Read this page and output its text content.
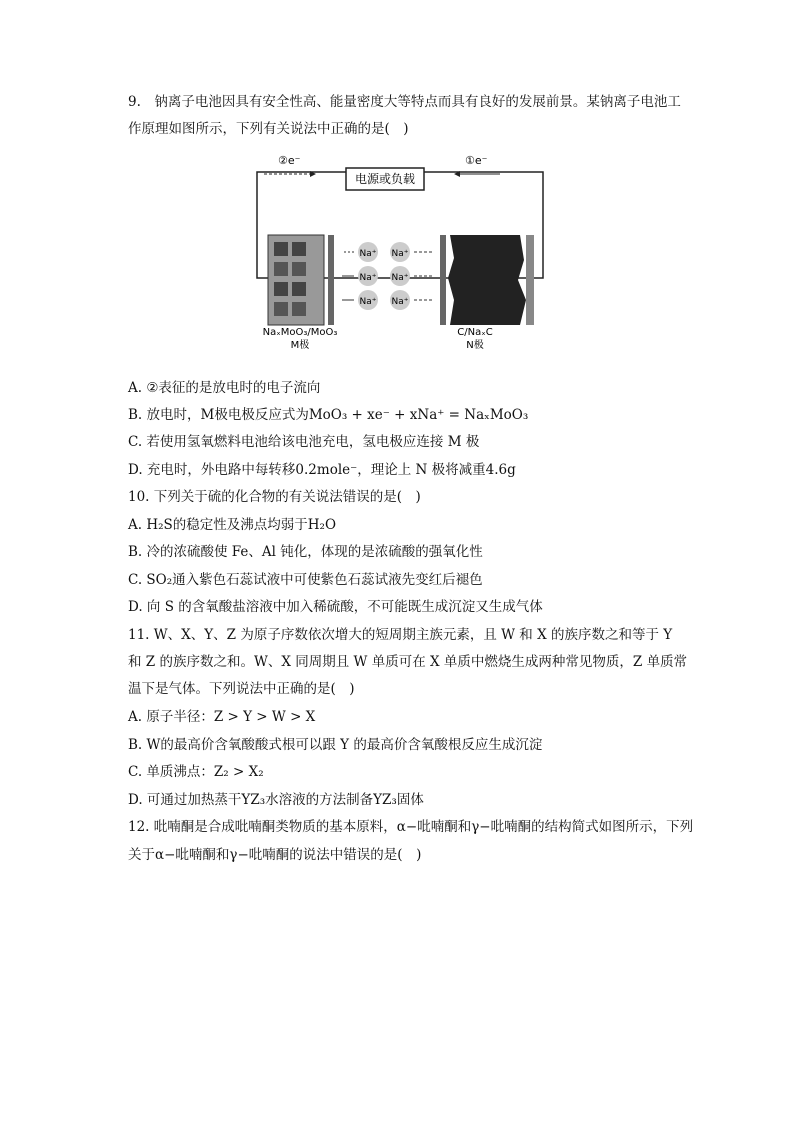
9.　钠离子电池因具有安全性高、能量密度大等特点而具有良好的发展前景。某钠离子电池工
作原理如图所示，下列有关说法中正确的是(　)
电源或负载
②e⁻	①e⁻
Na⁺ Na⁺
Na⁺ Na⁺
Na⁺ Na⁺
NaₓMoO₃/MoO₃
M极
C/NaₓC
N极
A. ②表征的是放电时的电子流向
B. 放电时，M极电极反应式为MoO₃ + xe⁻ + xNa⁺ = NaₓMoO₃
C. 若使用氢氧燃料电池给该电池充电，氢电极应连接 M 极
D. 充电时，外电路中每转移0.2mole⁻，理论上 N 极将减重4.6g
10. 下列关于硫的化合物的有关说法错误的是(　)
A. H₂S的稳定性及沸点均弱于H₂O
B. 冷的浓硫酸使 Fe、Al 钝化，体现的是浓硫酸的强氧化性
C. SO₂通入紫色石蕊试液中可使紫色石蕊试液先变红后褪色
D. 向 S 的含氧酸盐溶液中加入稀硫酸，不可能既生成沉淀又生成气体
11. W、X、Y、Z 为原子序数依次增大的短周期主族元素，且 W 和 X 的族序数之和等于 Y
和 Z 的族序数之和。W、X 同周期且 W 单质可在 X 单质中燃烧生成两种常见物质，Z 单质常
温下是气体。下列说法中正确的是(　)
A. 原子半径：Z > Y > W > X
B. W的最高价含氧酸酸式根可以跟 Y 的最高价含氧酸根反应生成沉淀
C. 单质沸点：Z₂ > X₂
D. 可通过加热蒸干YZ₃水溶液的方法制备YZ₃固体
12. 吡喃酮是合成吡喃酮类物质的基本原料，α−吡喃酮和γ−吡喃酮的结构简式如图所示，下列
关于α−吡喃酮和γ−吡喃酮的说法中错误的是(　)
